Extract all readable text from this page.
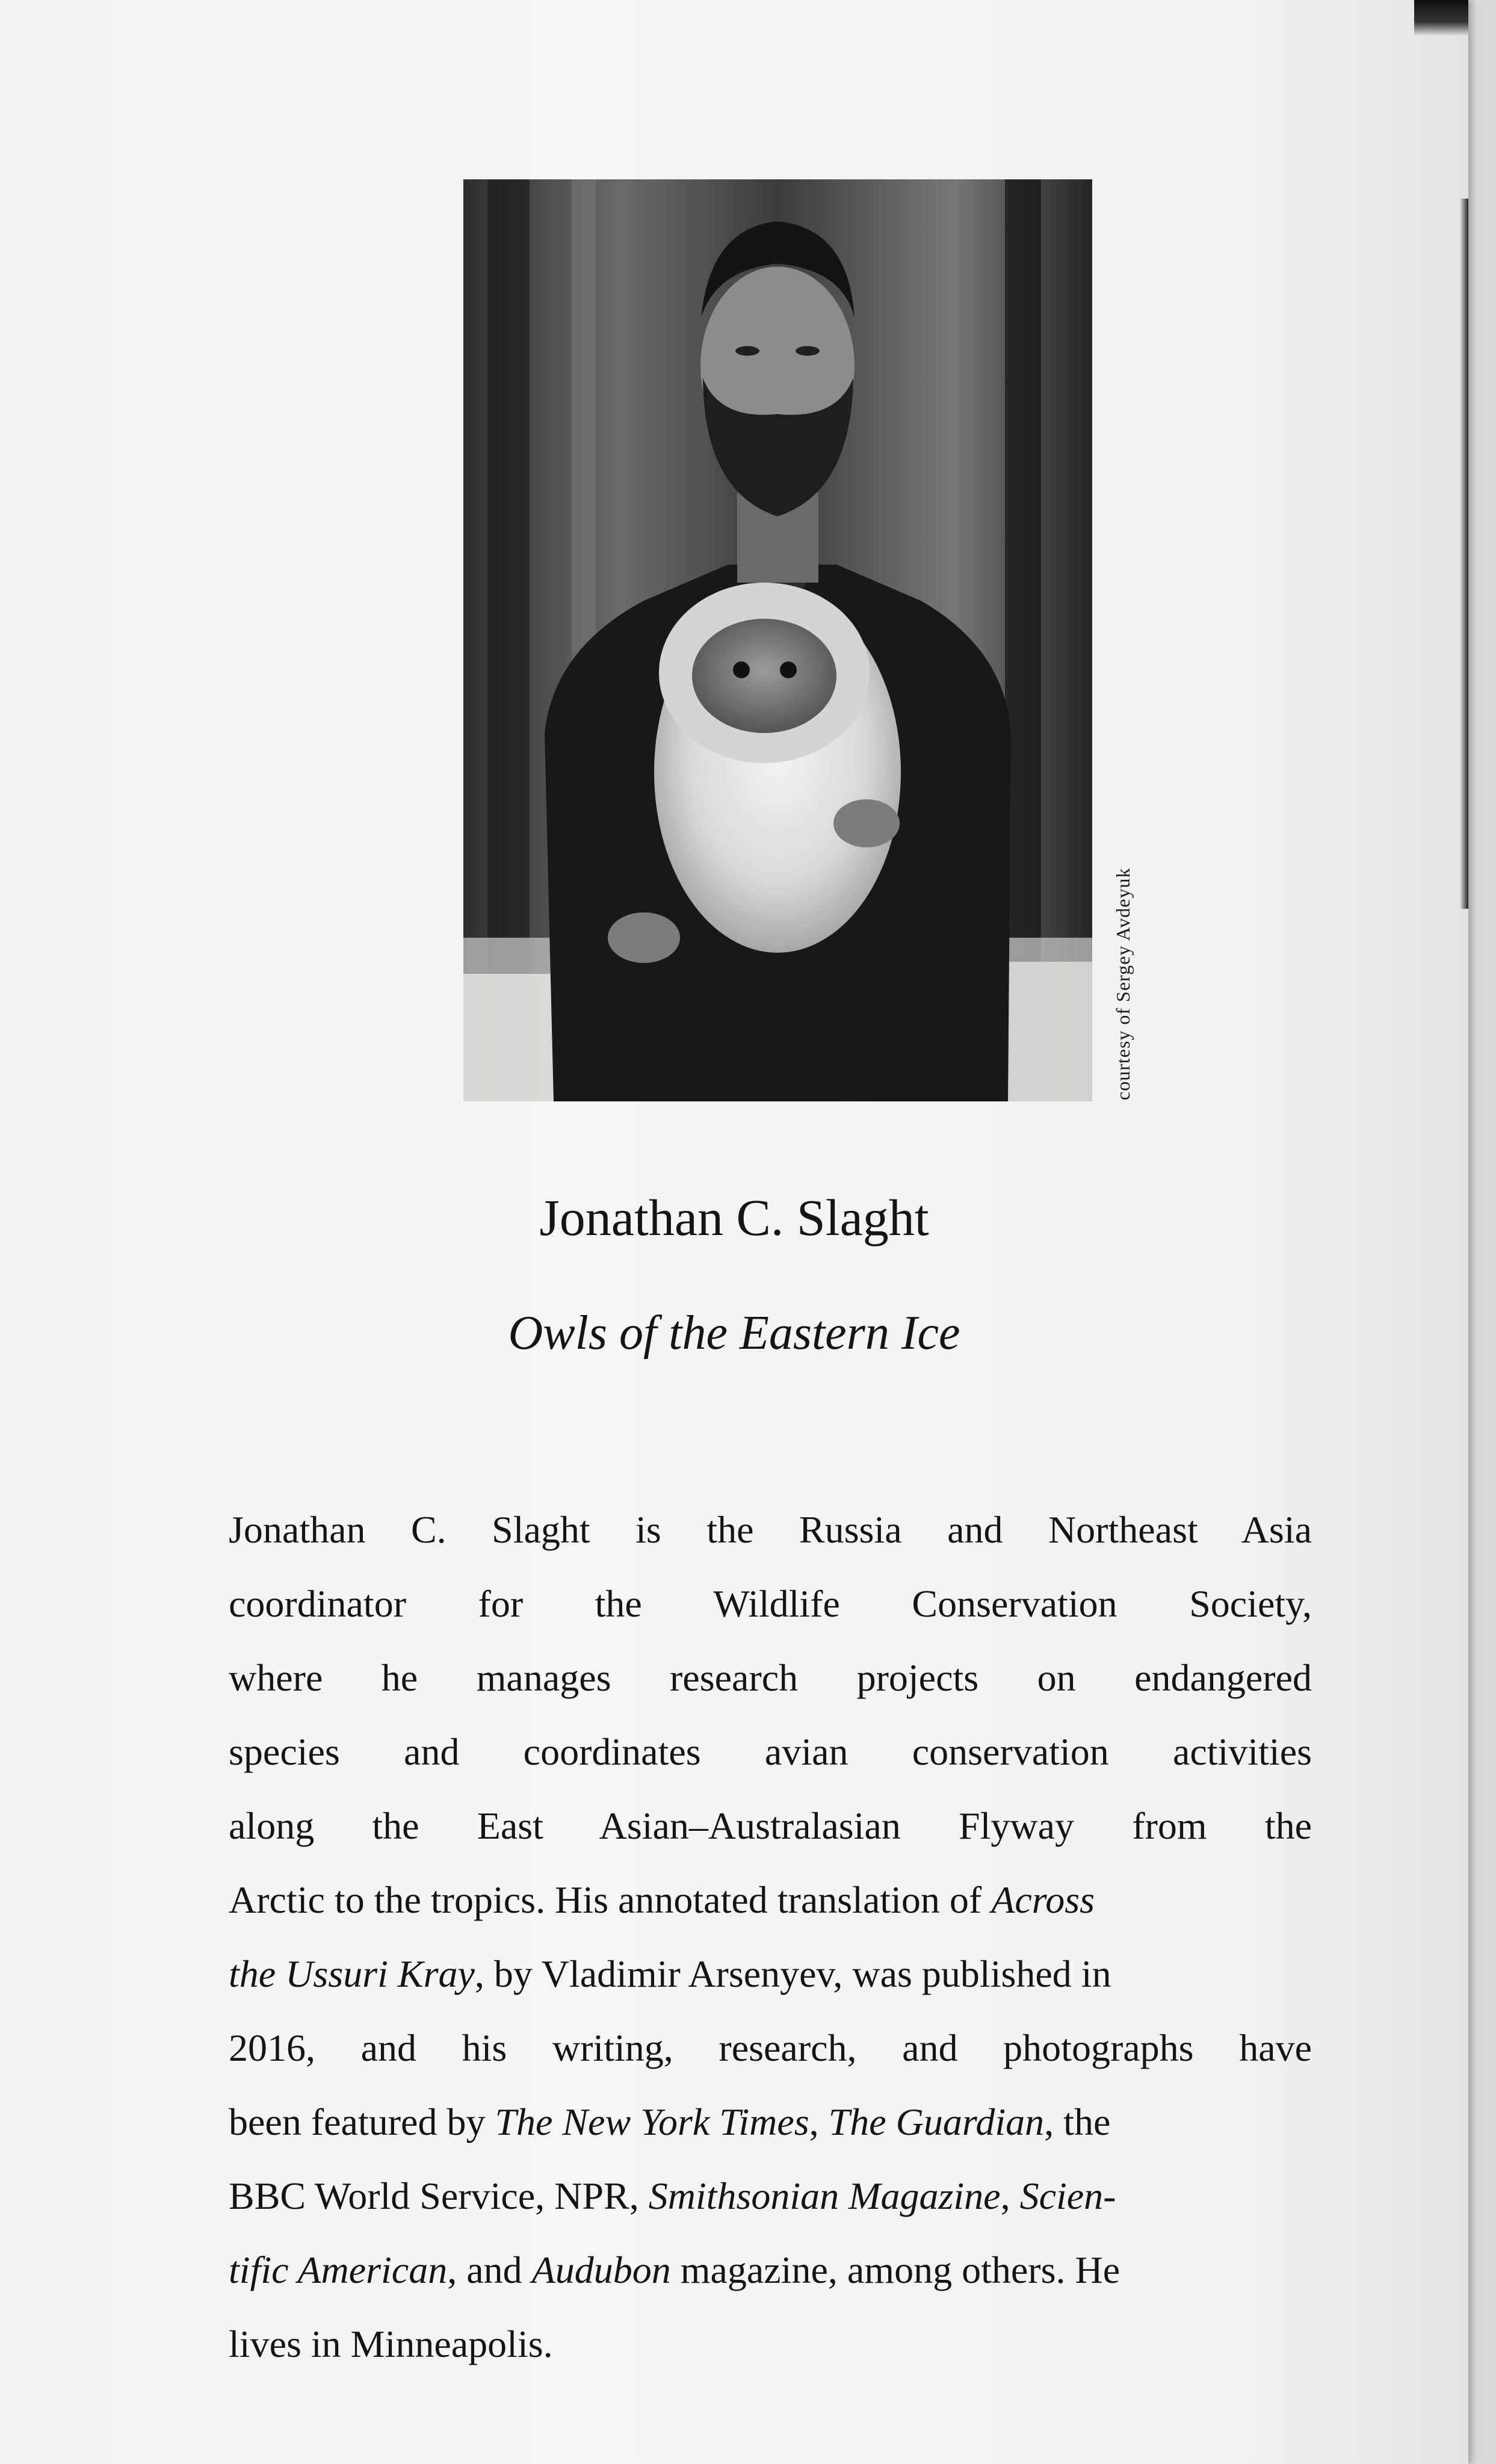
courtesy of Sergey Avdeyuk
Jonathan C. Slaght
Owls of the Eastern Ice
Jonathan C. Slaght is the Russia and Northeast Asia
coordinator for the Wildlife Conservation Society,
where he manages research projects on endangered
species and coordinates avian conservation activities
along the East Asian–Australasian Flyway from the
Arctic to the tropics. His annotated translation of Across
the Ussuri Kray, by Vladimir Arsenyev, was published in
2016, and his writing, research, and photographs have
been featured by The New York Times, The Guardian, the
BBC World Service, NPR, Smithsonian Magazine, Scien-
tific American, and Audubon magazine, among others. He
lives in Minneapolis.
